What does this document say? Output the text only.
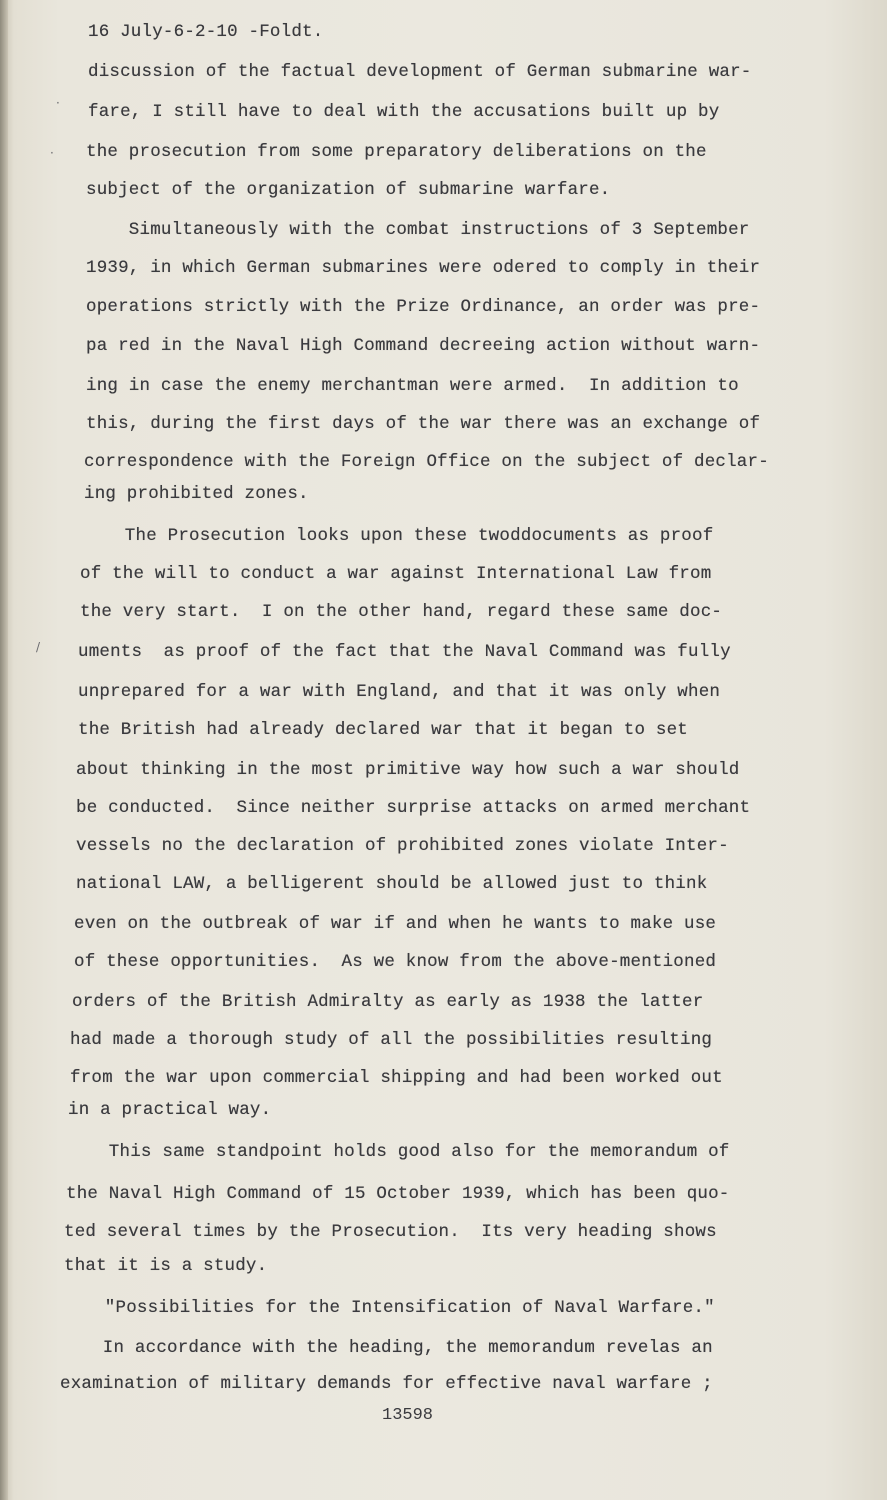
16 July-6-2-10 -Foldt.

discussion of the factual development of German submarine war-

fare, I still have to deal with the accusations built up by

the prosecution from some preparatory deliberations on the

subject of the organization of submarine warfare.

Simultaneously with the combat instructions of 3 September

1939, in which German submarines were odered to comply in their

operations strictly with the Prize Ordinance, an order was pre-

pa red in the Naval High Command decreeing action without warn-

ing in case the enemy merchantman were armed.  In addition to

this, during the first days of the war there was an exchange of

correspondence with the Foreign Office on the subject of declar-

ing prohibited zones.

The Prosecution looks upon these twoddocuments as proof

of the will to conduct a war against International Law from

the very start.  I on the other hand, regard these same doc-

uments  as proof of the fact that the Naval Command was fully

unprepared for a war with England, and that it was only when

the British had already declared war that it began to set

about thinking in the most primitive way how such a war should

be conducted.  Since neither surprise attacks on armed merchant

vessels no the declaration of prohibited zones violate Inter-

national LAW, a belligerent should be allowed just to think

even on the outbreak of war if and when he wants to make use

of these opportunities.  As we know from the above-mentioned

orders of the British Admiralty as early as 1938 the latter

had made a thorough study of all the possibilities resulting

from the war upon commercial shipping and had been worked out

in a practical way.

This same standpoint holds good also for the memorandum of

the Naval High Command of 15 October 1939, which has been quo-

ted several times by the Prosecution.  Its very heading shows

that it is a study.

"Possibilities for the Intensification of Naval Warfare."

In accordance with the heading, the memorandum revelas an

examination of military demands for effective naval warfare ;

13598
·
·
/
